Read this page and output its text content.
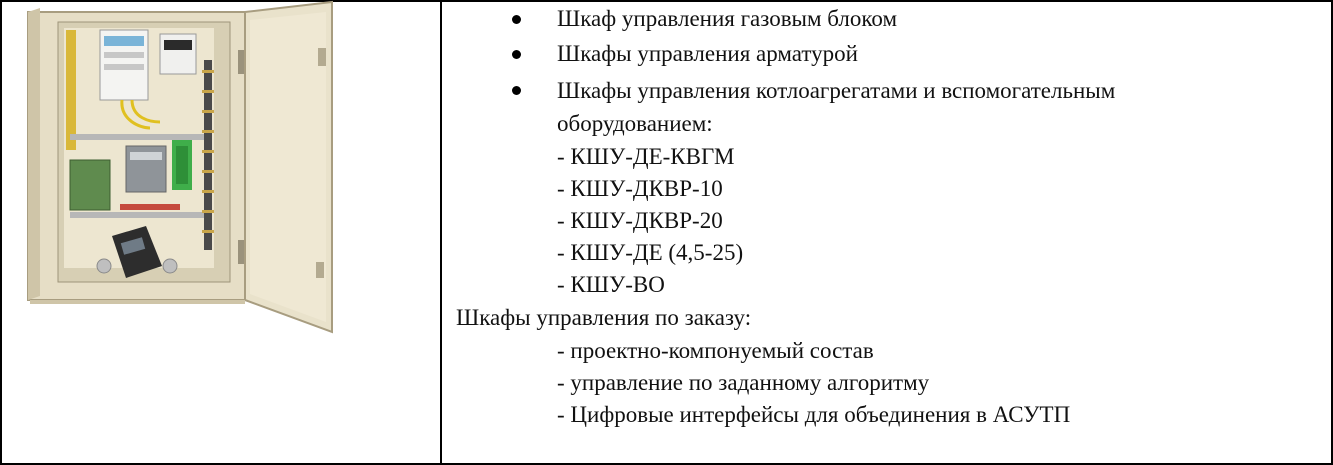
Шкаф управления газовым блоком
Шкафы управления арматурой
Шкафы управления котлоагрегатами и вспомогательным
оборудованием:
- КШУ-ДЕ-КВГМ
- КШУ-ДКВР-10
- КШУ-ДКВР-20
- КШУ-ДЕ (4,5-25)
- КШУ-ВО
Шкафы управления по заказу:
- проектно-компонуемый состав
- управление по заданному алгоритму
- Цифровые интерфейсы для объединения в АСУТП
